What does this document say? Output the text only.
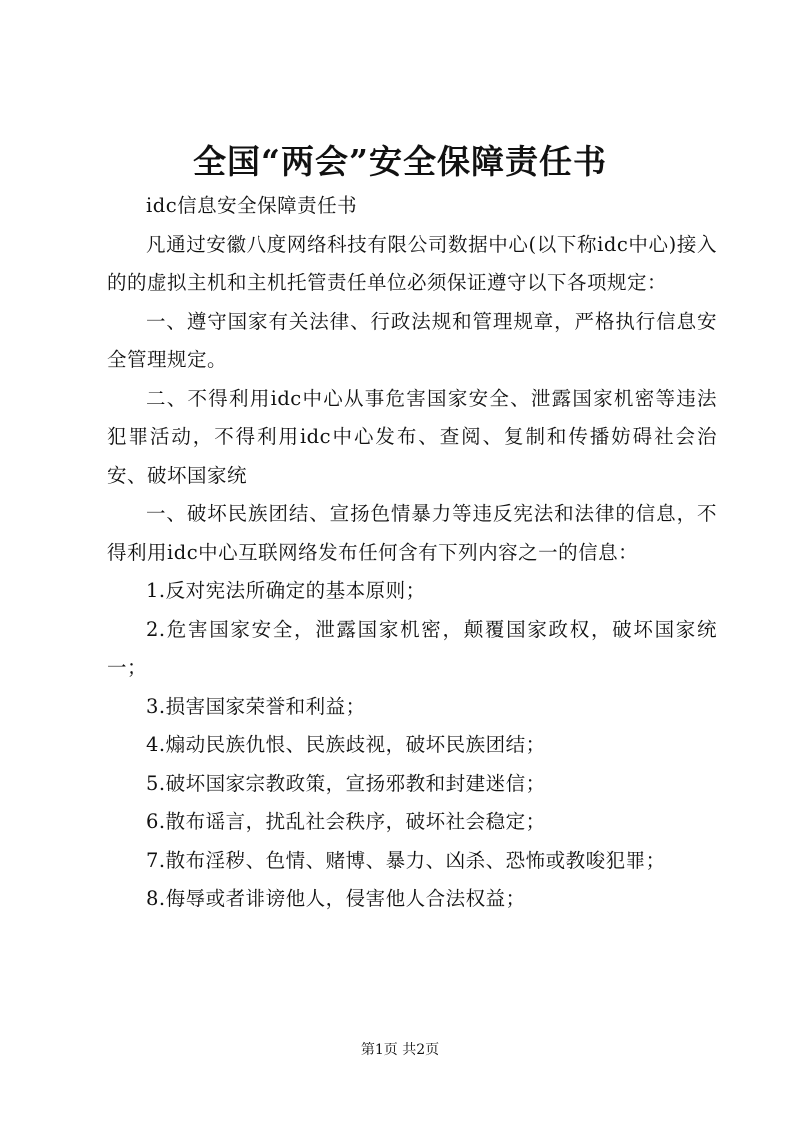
全国“两会”安全保障责任书

idc信息安全保障责任书

凡通过安徽八度网络科技有限公司数据中心(以下称idc中心)接入的的虚拟主机和主机托管责任单位必须保证遵守以下各项规定：

一、遵守国家有关法律、行政法规和管理规章，严格执行信息安全管理规定。

二、不得利用idc中心从事危害国家安全、泄露国家机密等违法犯罪活动，不得利用idc中心发布、查阅、复制和传播妨碍社会治安、破坏国家统

一、破坏民族团结、宣扬色情暴力等违反宪法和法律的信息，不得利用idc中心互联网络发布任何含有下列内容之一的信息：

1.反对宪法所确定的基本原则；

2.危害国家安全，泄露国家机密，颠覆国家政权，破坏国家统一；

3.损害国家荣誉和利益；

4.煽动民族仇恨、民族歧视，破坏民族团结；

5.破坏国家宗教政策，宣扬邪教和封建迷信；

6.散布谣言，扰乱社会秩序，破坏社会稳定；

7.散布淫秽、色情、赌博、暴力、凶杀、恐怖或教唆犯罪；

8.侮辱或者诽谤他人，侵害他人合法权益；

第1页 共2页
